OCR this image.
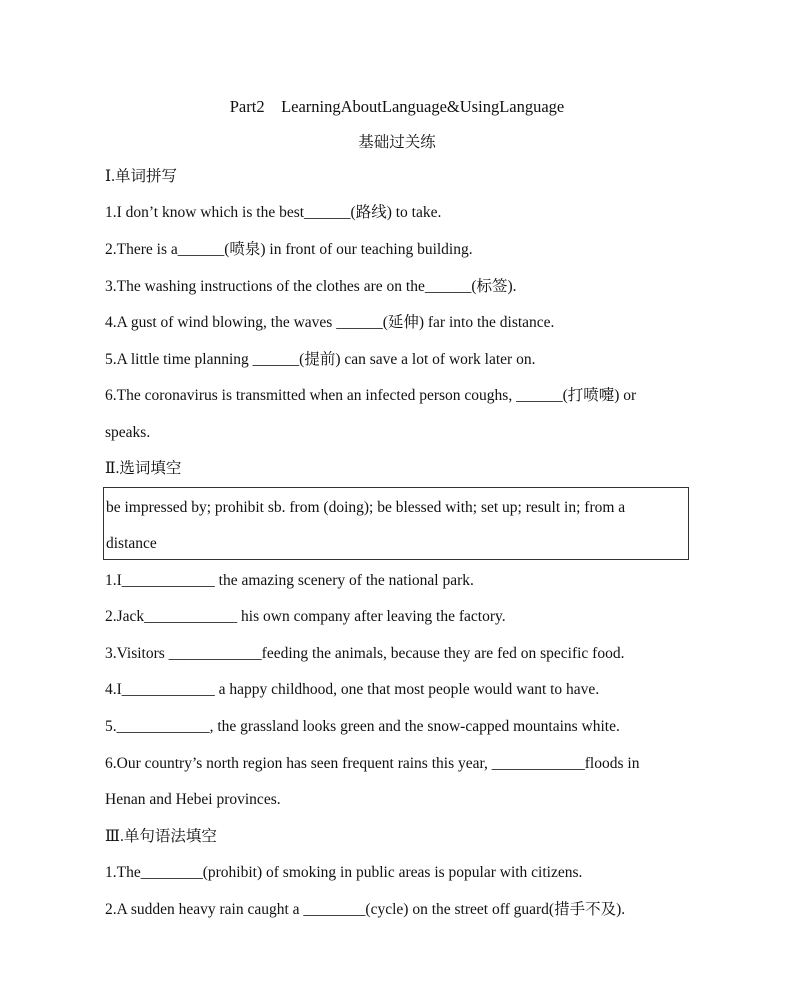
Part2　LearningAboutLanguage&UsingLanguage
基础过关练
Ⅰ.单词拼写
1.I don’t know which is the best______(路线) to take.
2.There is a______(喷泉) in front of our teaching building.
3.The washing instructions of the clothes are on the______(标签).
4.A gust of wind blowing, the waves ______(延伸) far into the distance.
5.A little time planning ______(提前) can save a lot of work later on.
6.The coronavirus is transmitted when an infected person coughs, ______(打喷嚏) or
speaks.
Ⅱ.选词填空
be impressed by; prohibit sb. from (doing); be blessed with; set up; result in; from a
distance
1.I____________ the amazing scenery of the national park.
2.Jack____________ his own company after leaving the factory.
3.Visitors ____________feeding the animals, because they are fed on specific food.
4.I____________ a happy childhood, one that most people would want to have.
5.____________, the grassland looks green and the snow-capped mountains white.
6.Our country’s north region has seen frequent rains this year, ____________floods in
Henan and Hebei provinces.
Ⅲ.单句语法填空
1.The________(prohibit) of smoking in public areas is popular with citizens.
2.A sudden heavy rain caught a ________(cycle) on the street off guard(措手不及).
